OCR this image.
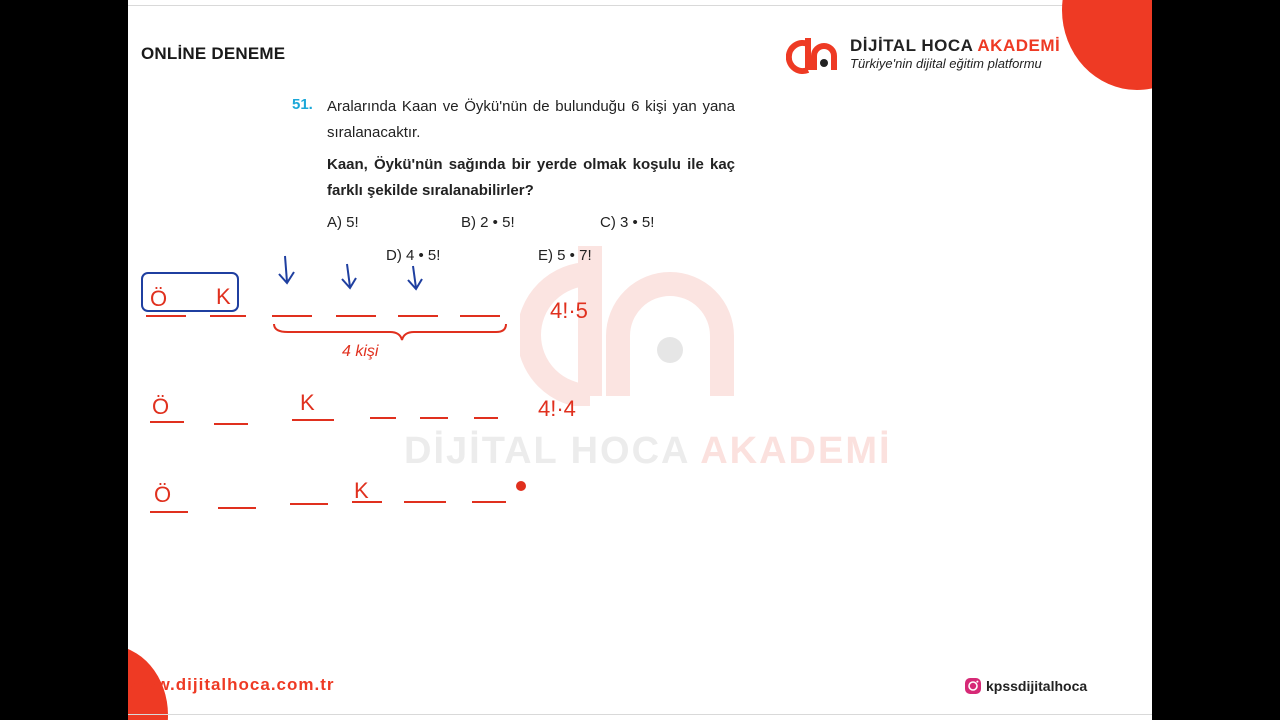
ONLİNE DENEME	DİJİTAL HOCA AKADEMİ
Türkiye'nin dijital eğitim platformu
DİJİTAL HOCA AKADEMİ
51. Aralarında Kaan ve Öykü'nün de bulunduğu 6 kişi yan yana sıralanacaktır.
Kaan, Öykü'nün sağında bir yerde olmak koşulu ile kaç farklı şekilde sıralanabilirler?
A) 5!	B) 2 • 5!	C) 3 • 5!
D) 4 • 5!	E) 5 • 7!
Ö K
4 kişi
4!·5
Ö	K	4!·4
Ö	K
www.dijitalhoca.com.tr	kpssdijitalhoca
